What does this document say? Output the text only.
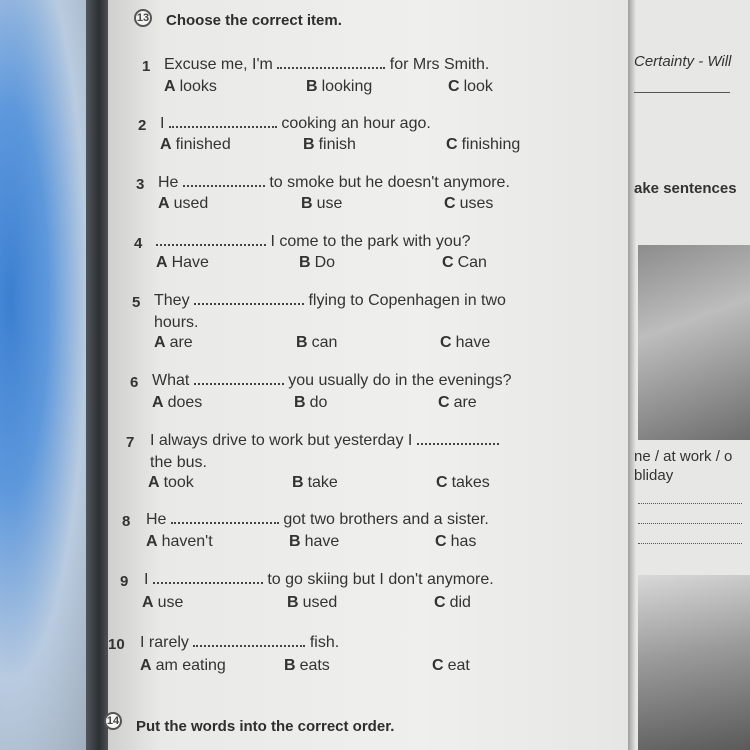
13 Choose the correct item.
14 Put the words into the correct order.
1 Excuse me, I'm	for Mrs Smith.
A looks	B looking	C look
2 I	cooking an hour ago.
A finished	B finish	C finishing
3 He	to smoke but he doesn't anymore.
A used	B use	C uses
4	I come to the park with you?
A Have	B Do	C Can
5 They	flying to Copenhagen in two
hours.
A are	B can	C have
6 What	you usually do in the evenings?
A does	B do	C are
7 I always drive to work but yesterday I
the bus.
A took	B take	C takes
8 He	got two brothers and a sister.
A haven't	B have	C has
9 I	to go skiing but I don't anymore.
A use	B used	C did
10 I rarely	fish.
A am eating	B eats	C eat
Certainty - Will
ake sentences
ne / at work / o
bliday
